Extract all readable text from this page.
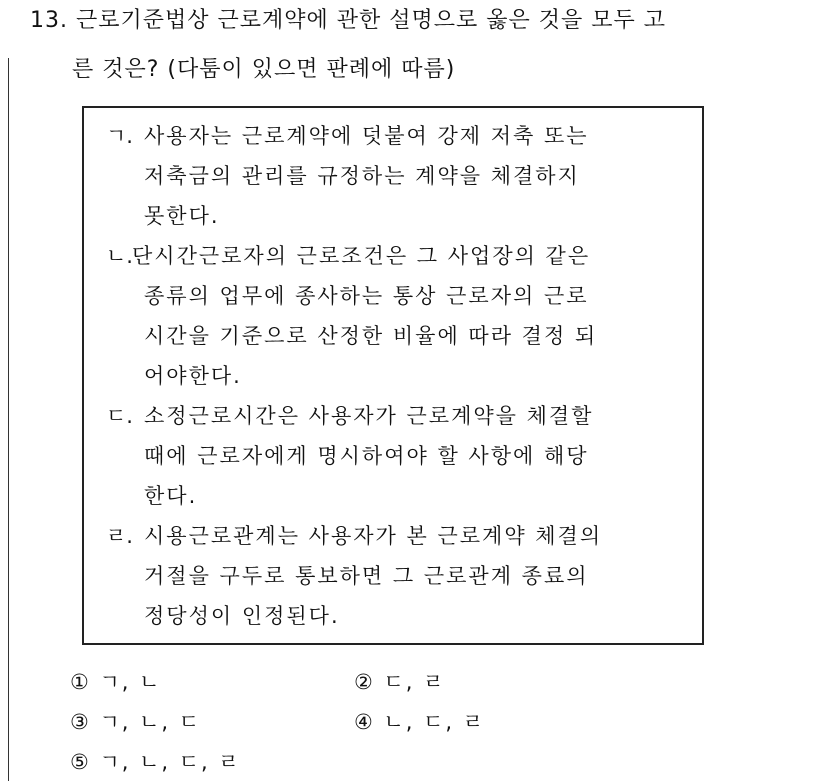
13. 근로기준법상 근로계약에 관한 설명으로 옳은 것을 모두 고
른 것은? (다툼이 있으면 판례에 따름)
ㄱ. 사용자는 근로계약에 덧붙여 강제 저축 또는
저축금의 관리를 규정하는 계약을 체결하지
못한다.
ㄴ. 단시간근로자의 근로조건은 그 사업장의 같은
종류의 업무에 종사하는 통상 근로자의 근로
시간을 기준으로 산정한 비율에 따라 결정 되
어야한다.
ㄷ. 소정근로시간은 사용자가 근로계약을 체결할
때에 근로자에게 명시하여야 할 사항에 해당
한다.
ㄹ. 시용근로관계는 사용자가 본 근로계약 체결의
거절을 구두로 통보하면 그 근로관계 종료의
정당성이 인정된다.
① ㄱ, ㄴ	② ㄷ, ㄹ
③ ㄱ, ㄴ, ㄷ	④ ㄴ, ㄷ, ㄹ
⑤ ㄱ, ㄴ, ㄷ, ㄹ
